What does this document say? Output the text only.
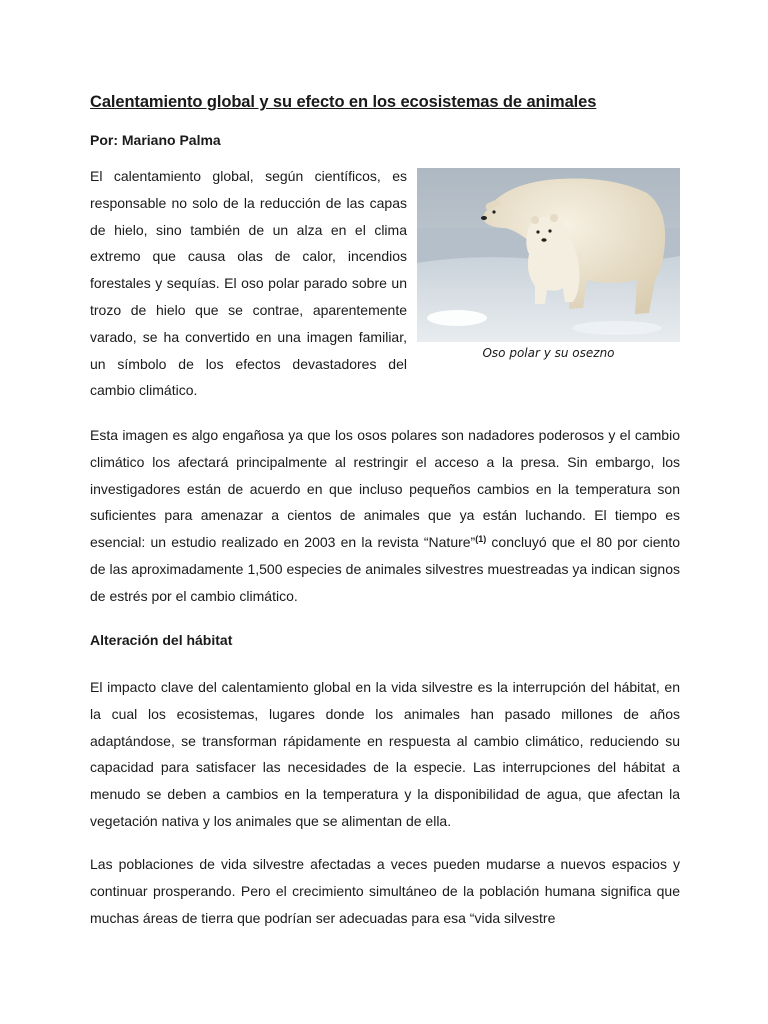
Calentamiento global y su efecto en los ecosistemas de animales

Por: Mariano Palma

El calentamiento global, según científicos, es responsable no solo de la reducción de las capas de hielo, sino también de un alza en el clima extremo que causa olas de calor, incendios forestales y sequías. El oso polar parado sobre un trozo de hielo que se contrae, aparentemente varado, se ha convertido en una imagen familiar, un símbolo de los efectos devastadores del cambio climático.

Oso polar y su osezno

Esta imagen es algo engañosa ya que los osos polares son nadadores poderosos y el cambio climático los afectará principalmente al restringir el acceso a la presa. Sin embargo, los investigadores están de acuerdo en que incluso pequeños cambios en la temperatura son suficientes para amenazar a cientos de animales que ya están luchando. El tiempo es esencial: un estudio realizado en 2003 en la revista “Nature”$^{(1)}$ concluyó que el 80 por ciento de las aproximadamente 1,500 especies de animales silvestres muestreadas ya indican signos de estrés por el cambio climático.

Alteración del hábitat

El impacto clave del calentamiento global en la vida silvestre es la interrupción del hábitat, en la cual los ecosistemas, lugares donde los animales han pasado millones de años adaptándose, se transforman rápidamente en respuesta al cambio climático, reduciendo su capacidad para satisfacer las necesidades de la especie. Las interrupciones del hábitat a menudo se deben a cambios en la temperatura y la disponibilidad de agua, que afectan la vegetación nativa y los animales que se alimentan de ella.

Las poblaciones de vida silvestre afectadas a veces pueden mudarse a nuevos espacios y continuar prosperando. Pero el crecimiento simultáneo de la población humana significa que muchas áreas de tierra que podrían ser adecuadas para esa “vida silvestre
